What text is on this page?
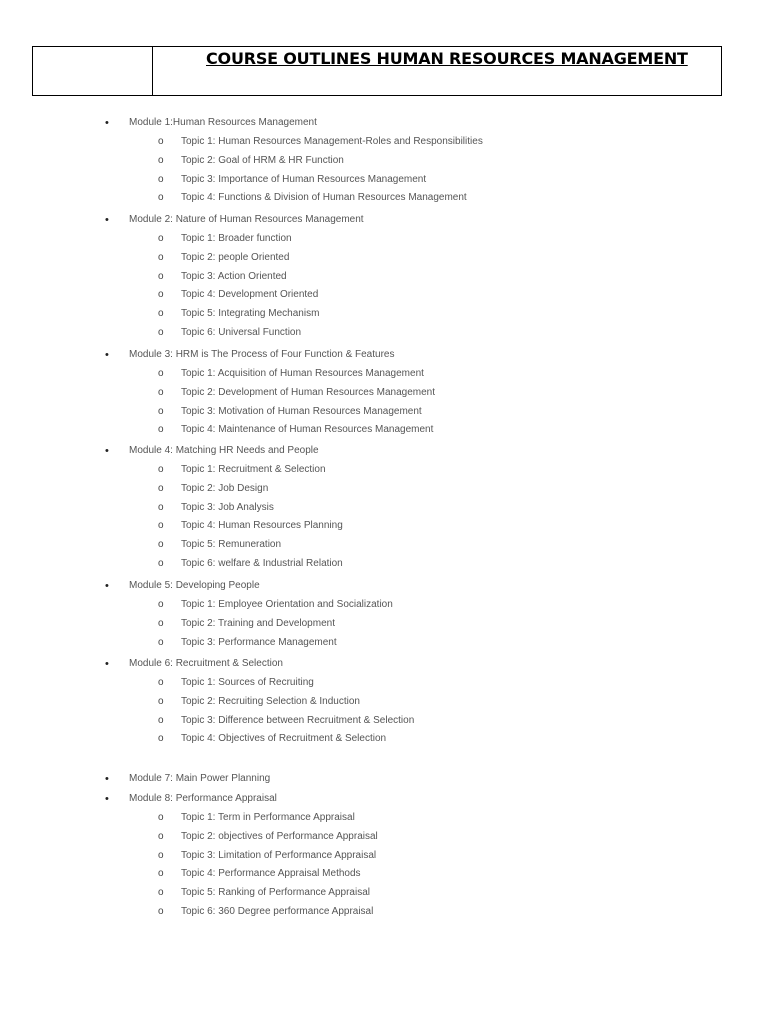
COURSE OUTLINES HUMAN RESOURCES MANAGEMENT
• Module 1:Human Resources Management
o Topic 1: Human Resources Management-Roles and Responsibilities
o Topic 2: Goal of HRM & HR Function
o Topic 3: Importance of Human Resources Management
o Topic 4: Functions & Division of Human Resources Management
• Module 2: Nature of Human Resources Management
o Topic 1: Broader function
o Topic 2: people Oriented
o Topic 3: Action Oriented
o Topic 4: Development Oriented
o Topic 5: Integrating Mechanism
o Topic 6: Universal Function
• Module 3: HRM is The Process of Four Function & Features
o Topic 1: Acquisition of Human Resources Management
o Topic 2: Development of Human Resources Management
o Topic 3: Motivation of Human Resources Management
o Topic 4: Maintenance of Human Resources Management
• Module 4: Matching HR Needs and People
o Topic 1: Recruitment & Selection
o Topic 2: Job Design
o Topic 3: Job Analysis
o Topic 4: Human Resources Planning
o Topic 5: Remuneration
o Topic 6: welfare & Industrial Relation
• Module 5: Developing People
o Topic 1: Employee Orientation and Socialization
o Topic 2: Training and Development
o Topic 3: Performance Management
• Module 6: Recruitment & Selection
o Topic 1: Sources of Recruiting
o Topic 2: Recruiting Selection & Induction
o Topic 3: Difference between Recruitment & Selection
o Topic 4: Objectives of Recruitment & Selection
• Module 7: Main Power Planning
• Module 8: Performance Appraisal
o Topic 1: Term in Performance Appraisal
o Topic 2: objectives of Performance Appraisal
o Topic 3: Limitation of Performance Appraisal
o Topic 4: Performance Appraisal Methods
o Topic 5: Ranking of Performance Appraisal
o Topic 6: 360 Degree performance Appraisal
